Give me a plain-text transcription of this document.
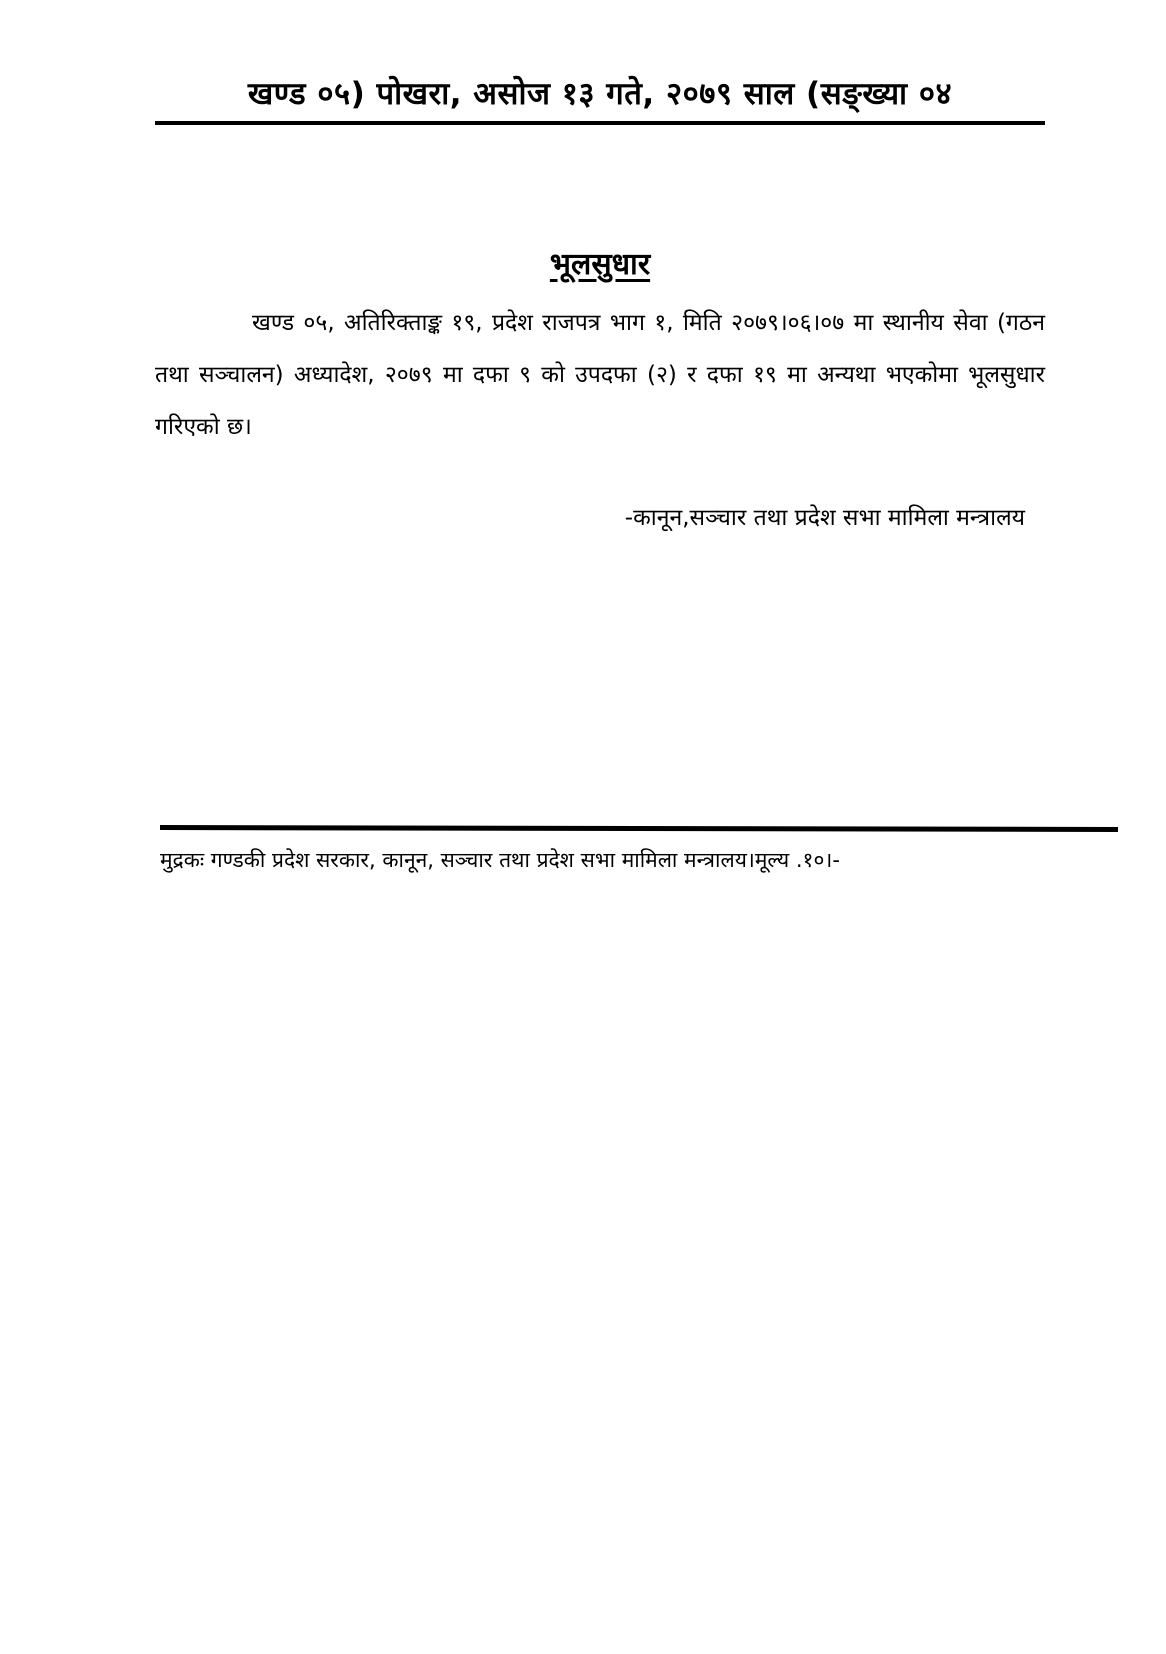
खण्ड ०५) पोखरा, असोज १३ गते, २०७९ साल (सङ्ख्या ०४
भूलसुधार

खण्ड ०५, अतिरिक्ताङ्क १९, प्रदेश राजपत्र भाग १, मिति २०७९।०६।०७ मा स्थानीय सेवा (गठन तथा सञ्चालन) अध्यादेश, २०७९ मा दफा ९ को उपदफा (२) र दफा १९ मा अन्यथा भएकोमा भूलसुधार गरिएको छ।

-कानून,सञ्चार तथा प्रदेश सभा मामिला मन्त्रालय
मुद्रकः गण्डकी प्रदेश सरकार, कानून, सञ्चार तथा प्रदेश सभा मामिला मन्त्रालय।मूल्य .१०।-
